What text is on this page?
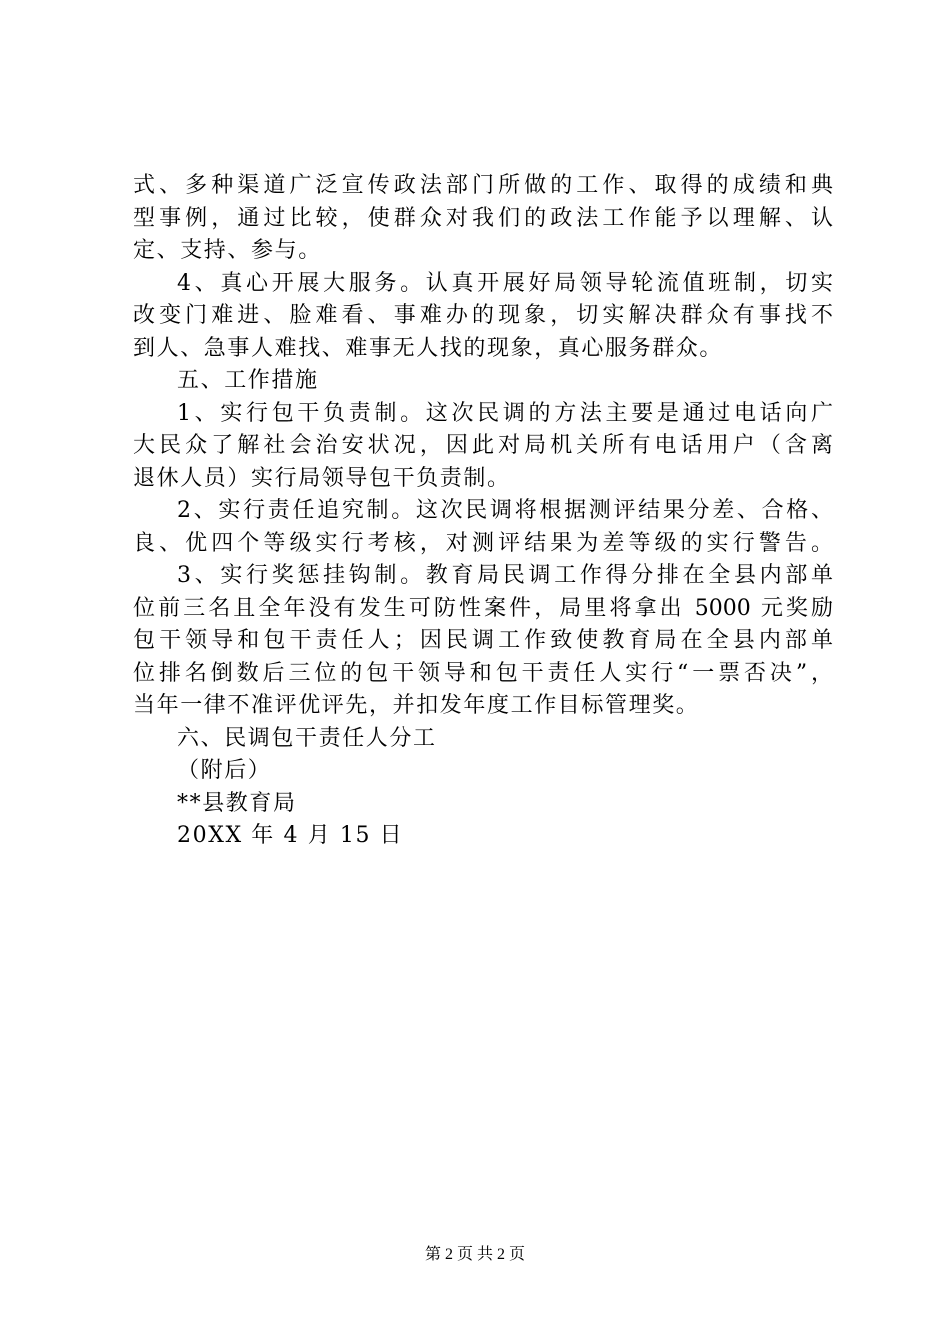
式、多种渠道广泛宣传政法部门所做的工作、取得的成绩和典
型事例，通过比较，使群众对我们的政法工作能予以理解、认
定、支持、参与。
4、真心开展大服务。认真开展好局领导轮流值班制，切实
改变门难进、脸难看、事难办的现象，切实解决群众有事找不
到人、急事人难找、难事无人找的现象，真心服务群众。
五、工作措施
1、实行包干负责制。这次民调的方法主要是通过电话向广
大民众了解社会治安状况，因此对局机关所有电话用户（含离
退休人员）实行局领导包干负责制。
2、实行责任追究制。这次民调将根据测评结果分差、合格、
良、优四个等级实行考核，对测评结果为差等级的实行警告。
3、实行奖惩挂钩制。教育局民调工作得分排在全县内部单
位前三名且全年没有发生可防性案件，局里将拿出 5000 元奖励
包干领导和包干责任人；因民调工作致使教育局在全县内部单
位排名倒数后三位的包干领导和包干责任人实行“一票否决”，
当年一律不准评优评先，并扣发年度工作目标管理奖。
六、民调包干责任人分工
（附后）
**县教育局
20XX 年 4 月 15 日
第 2 页 共 2 页
